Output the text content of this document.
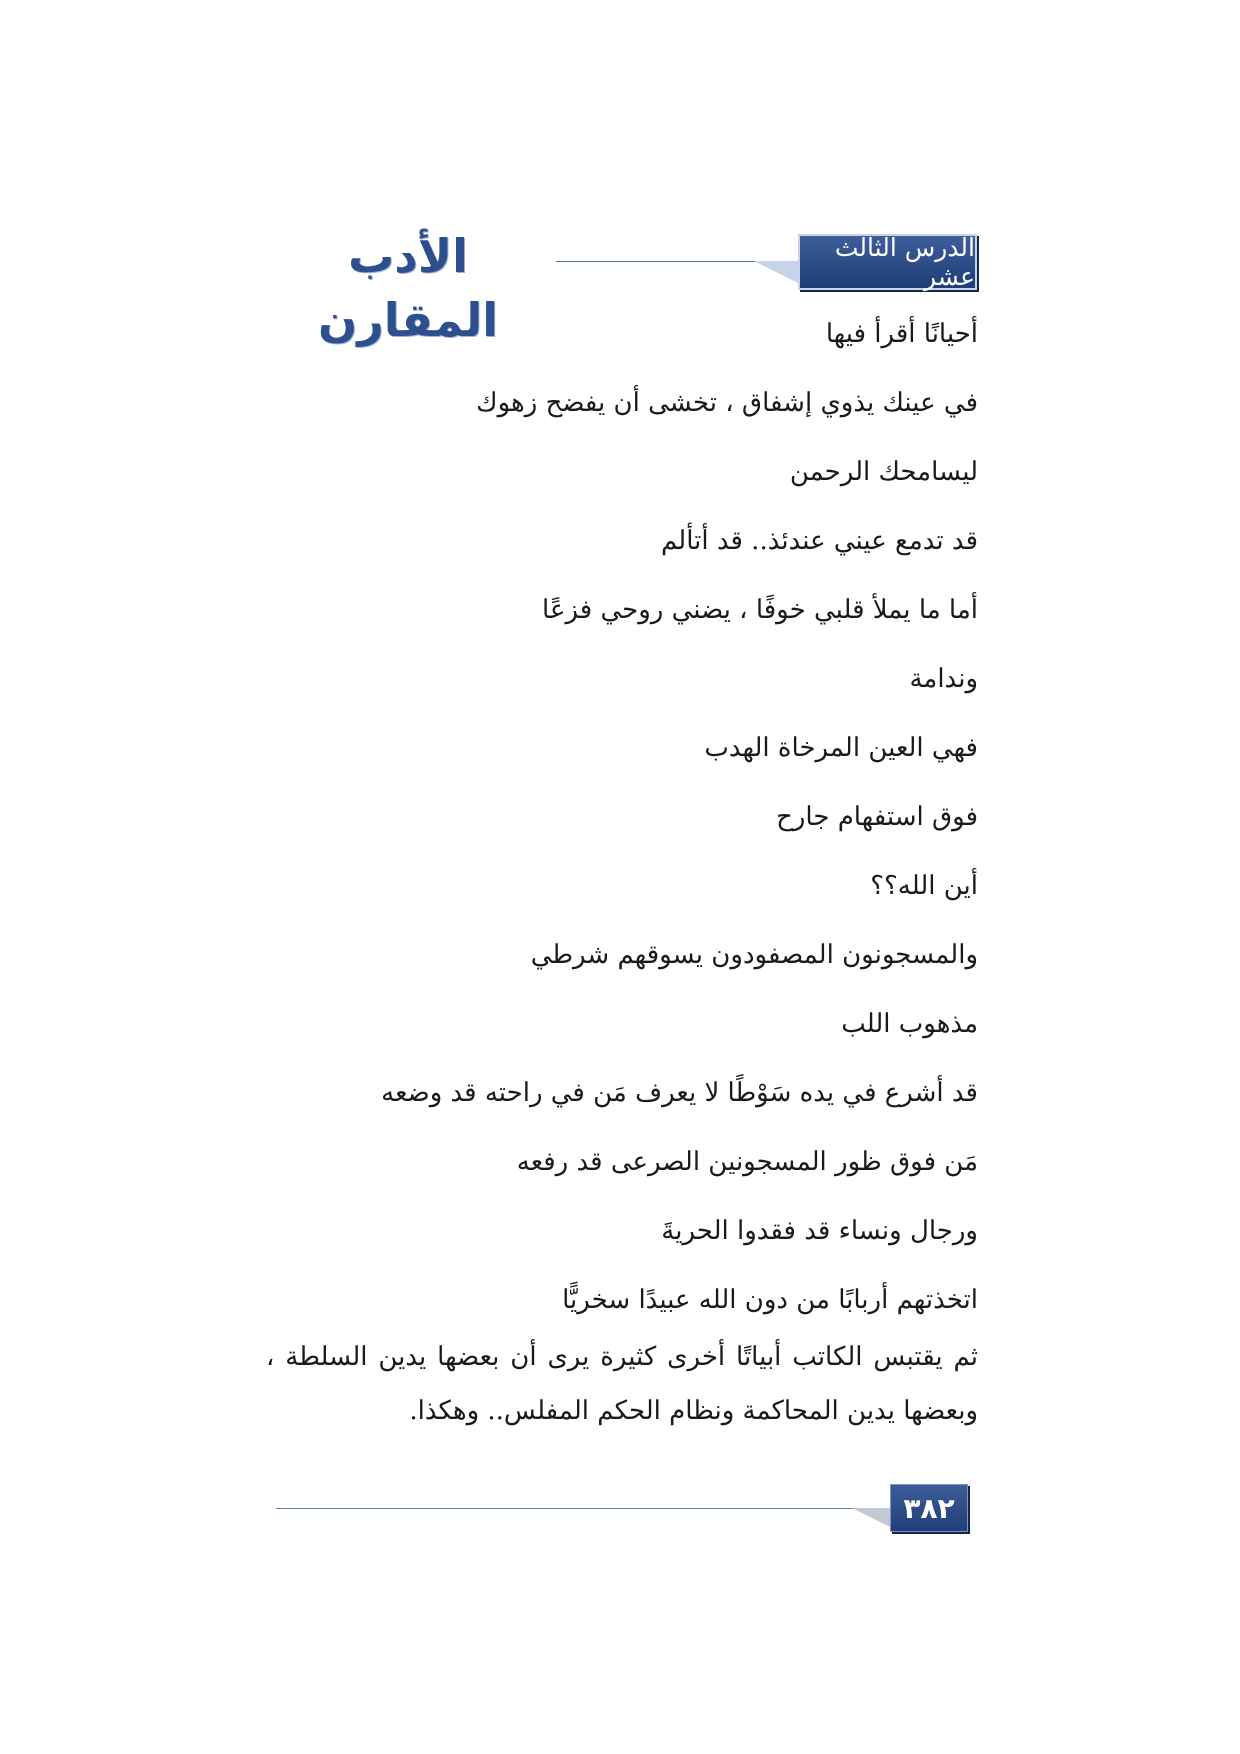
الأدب المقارن
الدرس الثالث عشر
أحيانًا أقرأ فيها
في عينك يذوي إشفاق ، تخشى أن يفضح زهوك
ليسامحك الرحمن
قد تدمع عيني عندئذ.. قد أتألم
أما ما يملأ قلبي خوفًا ، يضني روحي فزعًا
وندامة
فهي العين المرخاة الهدب
فوق استفهام جارح
أين الله؟؟
والمسجونون المصفودون يسوقهم شرطي
مذهوب اللب
قد أشرع في يده سَوْطًا لا يعرف مَن في راحته قد وضعه
مَن فوق ظور المسجونين الصرعى قد رفعه
ورجال ونساء قد فقدوا الحريةَ
اتخذتهم أربابًا من دون الله عبيدًا سخريًّا

ثم يقتبس الكاتب أبياتًا أخرى كثيرة يرى أن بعضها يدين السلطة ، وبعضها يدين المحاكمة ونظام الحكم المفلس.. وهكذا.

٣٨٢
